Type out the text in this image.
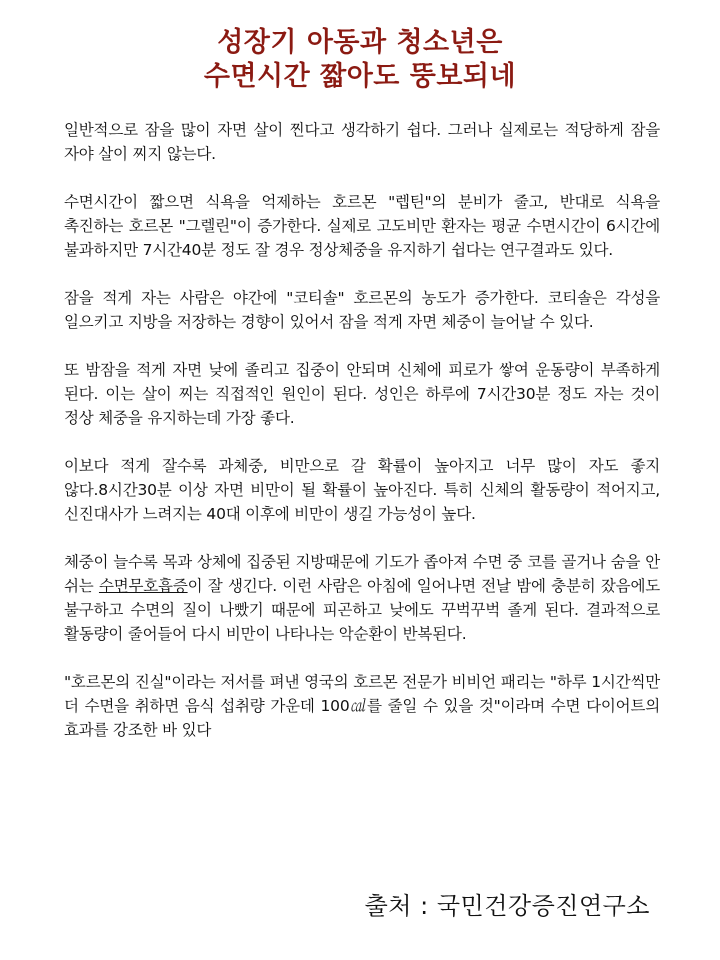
성장기 아동과 청소년은
수면시간 짧아도 뚱보되네

일반적으로 잠을 많이 자면 살이 찐다고 생각하기 쉽다. 그러나 실제로는 적당하게 잠을 자야 살이 찌지 않는다.

수면시간이 짧으면 식욕을 억제하는 호르몬 "렙틴"의 분비가 줄고, 반대로 식욕을 촉진하는 호르몬 "그렐린"이 증가한다. 실제로 고도비만 환자는 평균 수면시간이 6시간에 불과하지만 7시간40분 정도 잘 경우 정상체중을 유지하기 쉽다는 연구결과도 있다.

잠을 적게 자는 사람은 야간에 "코티솔" 호르몬의 농도가 증가한다. 코티솔은 각성을 일으키고 지방을 저장하는 경향이 있어서 잠을 적게 자면 체중이 늘어날 수 있다.

또 밤잠을 적게 자면 낮에 졸리고 집중이 안되며 신체에 피로가 쌓여 운동량이 부족하게 된다. 이는 살이 찌는 직접적인 원인이 된다. 성인은 하루에 7시간30분 정도 자는 것이 정상 체중을 유지하는데 가장 좋다.

이보다 적게 잘수록 과체중, 비만으로 갈 확률이 높아지고 너무 많이 자도 좋지 않다.8시간30분 이상 자면 비만이 될 확률이 높아진다. 특히 신체의 활동량이 적어지고, 신진대사가 느려지는 40대 이후에 비만이 생길 가능성이 높다.

체중이 늘수록 목과 상체에 집중된 지방때문에 기도가 좁아져 수면 중 코를 골거나 숨을 안 쉬는 수면무호흡증이 잘 생긴다. 이런 사람은 아침에 일어나면 전날 밤에 충분히 잤음에도 불구하고 수면의 질이 나빴기 때문에 피곤하고 낮에도 꾸벅꾸벅 졸게 된다. 결과적으로 활동량이 줄어들어 다시 비만이 나타나는 악순환이 반복된다.

"호르몬의 진실"이라는 저서를 펴낸 영국의 호르몬 전문가 비비언 패리는 "하루 1시간씩만 더 수면을 취하면 음식 섭취량 가운데 100㎈를 줄일 수 있을 것"이라며 수면 다이어트의 효과를 강조한 바 있다

출처 : 국민건강증진연구소
